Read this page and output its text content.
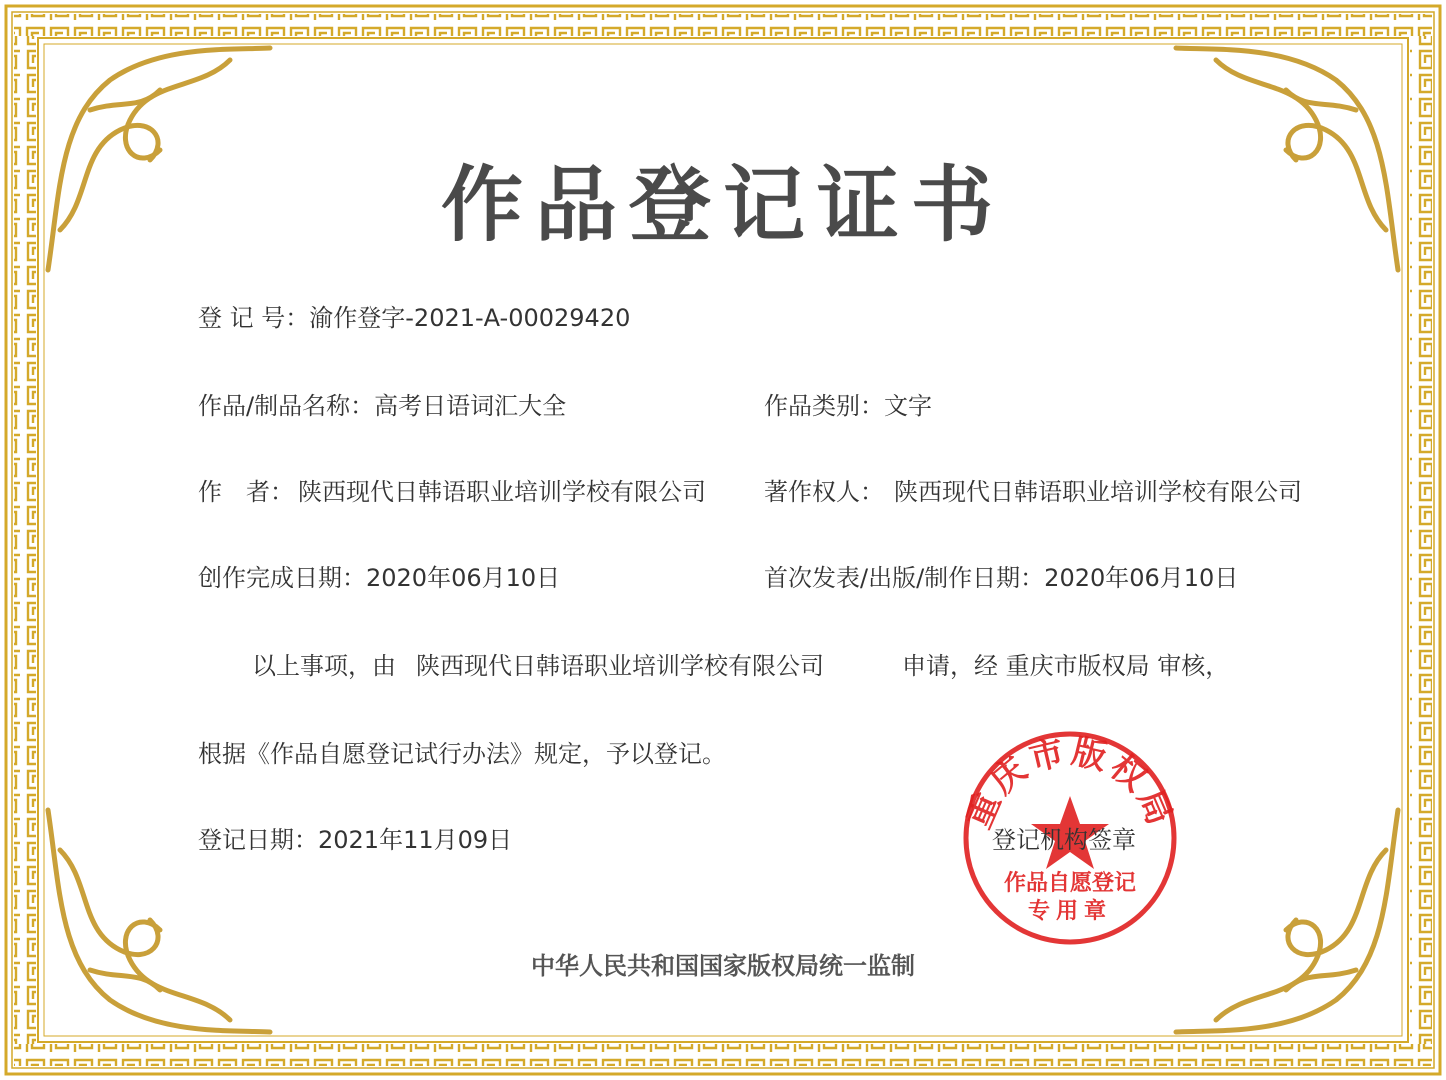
作品登记证书
登 记 号：渝作登字-2021-A-00029420
作品/制品名称：高考日语词汇大全	作品类别：文字
作　者： 陕西现代日韩语职业培训学校有限公司	著作权人： 陕西现代日韩语职业培训学校有限公司
创作完成日期：2020年06月10日	首次发表/出版/制作日期：2020年06月10日
以上事项，由 陕西现代日韩语职业培训学校有限公司	申请，经 重庆市版权局 审核，
根据《作品自愿登记试行办法》规定，予以登记。
登记日期：2021年11月09日
重庆市版权局
作品自愿登记
专用章
登记机构签章
中华人民共和国国家版权局统一监制
